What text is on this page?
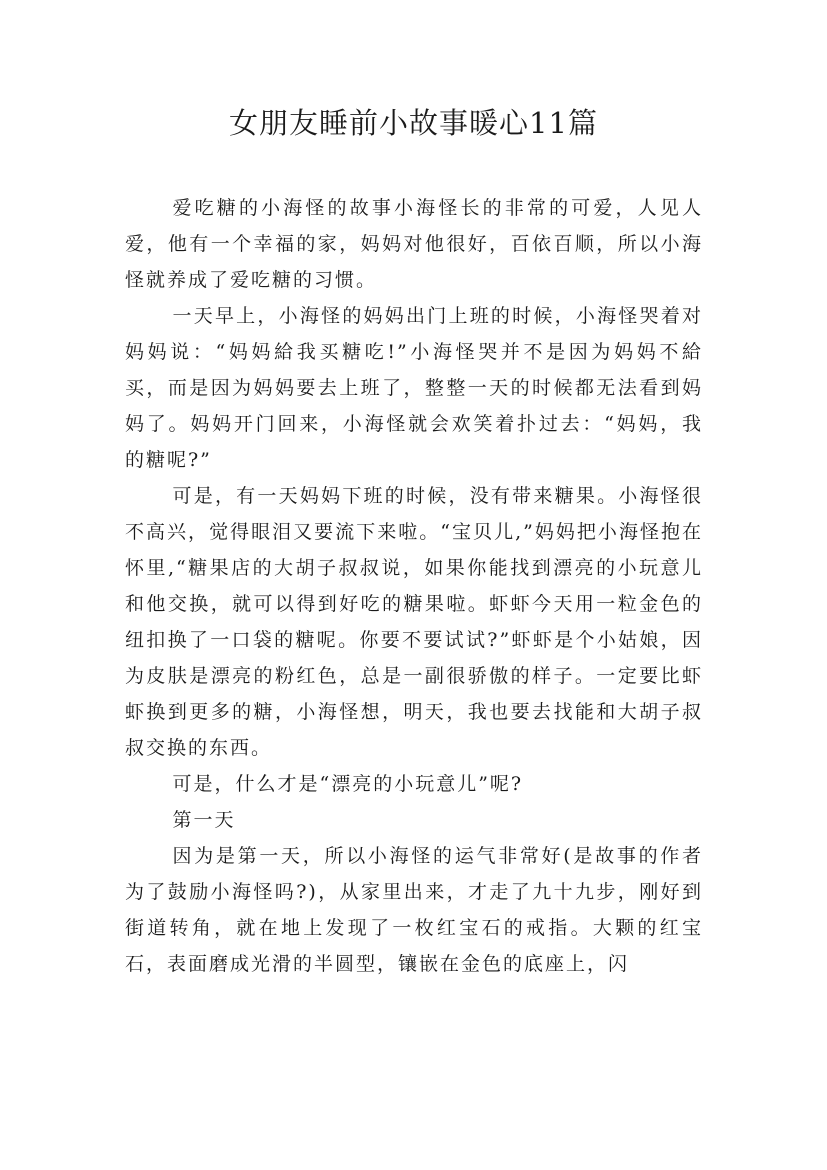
女朋友睡前小故事暖心11篇

爱吃糖的小海怪的故事小海怪长的非常的可爱，人见人爱，他有一个幸福的家，妈妈对他很好，百依百顺，所以小海怪就养成了爱吃糖的习惯。

一天早上，小海怪的妈妈出门上班的时候，小海怪哭着对妈妈说：“妈妈給我买糖吃!”小海怪哭并不是因为妈妈不給买，而是因为妈妈要去上班了，整整一天的时候都无法看到妈妈了。妈妈开门回来，小海怪就会欢笑着扑过去：“妈妈，我的糖呢?”

可是，有一天妈妈下班的时候，没有带来糖果。小海怪很不高兴，觉得眼泪又要流下来啦。“宝贝儿,”妈妈把小海怪抱在怀里,“糖果店的大胡子叔叔说，如果你能找到漂亮的小玩意儿和他交换，就可以得到好吃的糖果啦。虾虾今天用一粒金色的纽扣换了一口袋的糖呢。你要不要试试?”虾虾是个小姑娘，因为皮肤是漂亮的粉红色，总是一副很骄傲的样子。一定要比虾虾换到更多的糖，小海怪想，明天，我也要去找能和大胡子叔叔交换的东西。

可是，什么才是“漂亮的小玩意儿”呢?

第一天

因为是第一天，所以小海怪的运气非常好(是故事的作者为了鼓励小海怪吗?)，从家里出来，才走了九十九步，刚好到街道转角，就在地上发现了一枚红宝石的戒指。大颗的红宝石，表面磨成光滑的半圆型，镶嵌在金色的底座上，闪
